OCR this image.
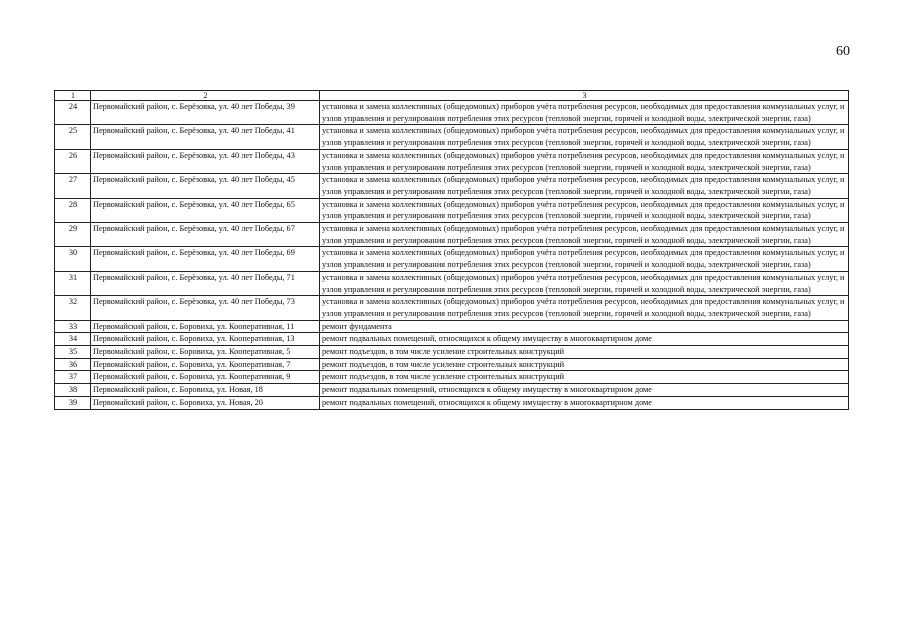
60
1	2	3
24	Первомайский район, с. Берёзовка, ул. 40 лет Победы, 39	установка и замена коллективных (общедомовых) приборов учёта потребления ресурсов, необходимых для предоставления коммунальных услуг, и узлов управления и регулирования потребления этих ресурсов (тепловой энергии, горячей и холодной воды, электрической энергии, газа)
25	Первомайский район, с. Берёзовка, ул. 40 лет Победы, 41	установка и замена коллективных (общедомовых) приборов учёта потребления ресурсов, необходимых для предоставления коммунальных услуг, и узлов управления и регулирования потребления этих ресурсов (тепловой энергии, горячей и холодной воды, электрической энергии, газа)
26	Первомайский район, с. Берёзовка, ул. 40 лет Победы, 43	установка и замена коллективных (общедомовых) приборов учёта потребления ресурсов, необходимых для предоставления коммунальных услуг, и узлов управления и регулирования потребления этих ресурсов (тепловой энергии, горячей и холодной воды, электрической энергии, газа)
27	Первомайский район, с. Берёзовка, ул. 40 лет Победы, 45	установка и замена коллективных (общедомовых) приборов учёта потребления ресурсов, необходимых для предоставления коммунальных услуг, и узлов управления и регулирования потребления этих ресурсов (тепловой энергии, горячей и холодной воды, электрической энергии, газа)
28	Первомайский район, с. Берёзовка, ул. 40 лет Победы, 65	установка и замена коллективных (общедомовых) приборов учёта потребления ресурсов, необходимых для предоставления коммунальных услуг, и узлов управления и регулирования потребления этих ресурсов (тепловой энергии, горячей и холодной воды, электрической энергии, газа)
29	Первомайский район, с. Берёзовка, ул. 40 лет Победы, 67	установка и замена коллективных (общедомовых) приборов учёта потребления ресурсов, необходимых для предоставления коммунальных услуг, и узлов управления и регулирования потребления этих ресурсов (тепловой энергии, горячей и холодной воды, электрической энергии, газа)
30	Первомайский район, с. Берёзовка, ул. 40 лет Победы, 69	установка и замена коллективных (общедомовых) приборов учёта потребления ресурсов, необходимых для предоставления коммунальных услуг, и узлов управления и регулирования потребления этих ресурсов (тепловой энергии, горячей и холодной воды, электрической энергии, газа)
31	Первомайский район, с. Берёзовка, ул. 40 лет Победы, 71	установка и замена коллективных (общедомовых) приборов учёта потребления ресурсов, необходимых для предоставления коммунальных услуг, и узлов управления и регулирования потребления этих ресурсов (тепловой энергии, горячей и холодной воды, электрической энергии, газа)
32	Первомайский район, с. Берёзовка, ул. 40 лет Победы, 73	установка и замена коллективных (общедомовых) приборов учёта потребления ресурсов, необходимых для предоставления коммунальных услуг, и узлов управления и регулирования потребления этих ресурсов (тепловой энергии, горячей и холодной воды, электрической энергии, газа)
33	Первомайский район, с. Боровиха, ул. Кооперативная, 11	ремонт фундамента
34	Первомайский район, с. Боровиха, ул. Кооперативная, 13	ремонт подвальных помещений, относящихся к общему имуществу в многоквартирном доме
35	Первомайский район, с. Боровиха, ул. Кооперативная, 5	ремонт подъездов, в том числе усиление строительных конструкций
36	Первомайский район, с. Боровиха, ул. Кооперативная, 7	ремонт подъездов, в том числе усиление строительных конструкций
37	Первомайский район, с. Боровиха, ул. Кооперативная, 9	ремонт подъездов, в том числе усиление строительных конструкций
38	Первомайский район, с. Боровиха, ул. Новая, 18	ремонт подвальных помещений, относящихся к общему имуществу в многоквартирном доме
39	Первомайский район, с. Боровиха, ул. Новая, 20	ремонт подвальных помещений, относящихся к общему имуществу в многоквартирном доме
